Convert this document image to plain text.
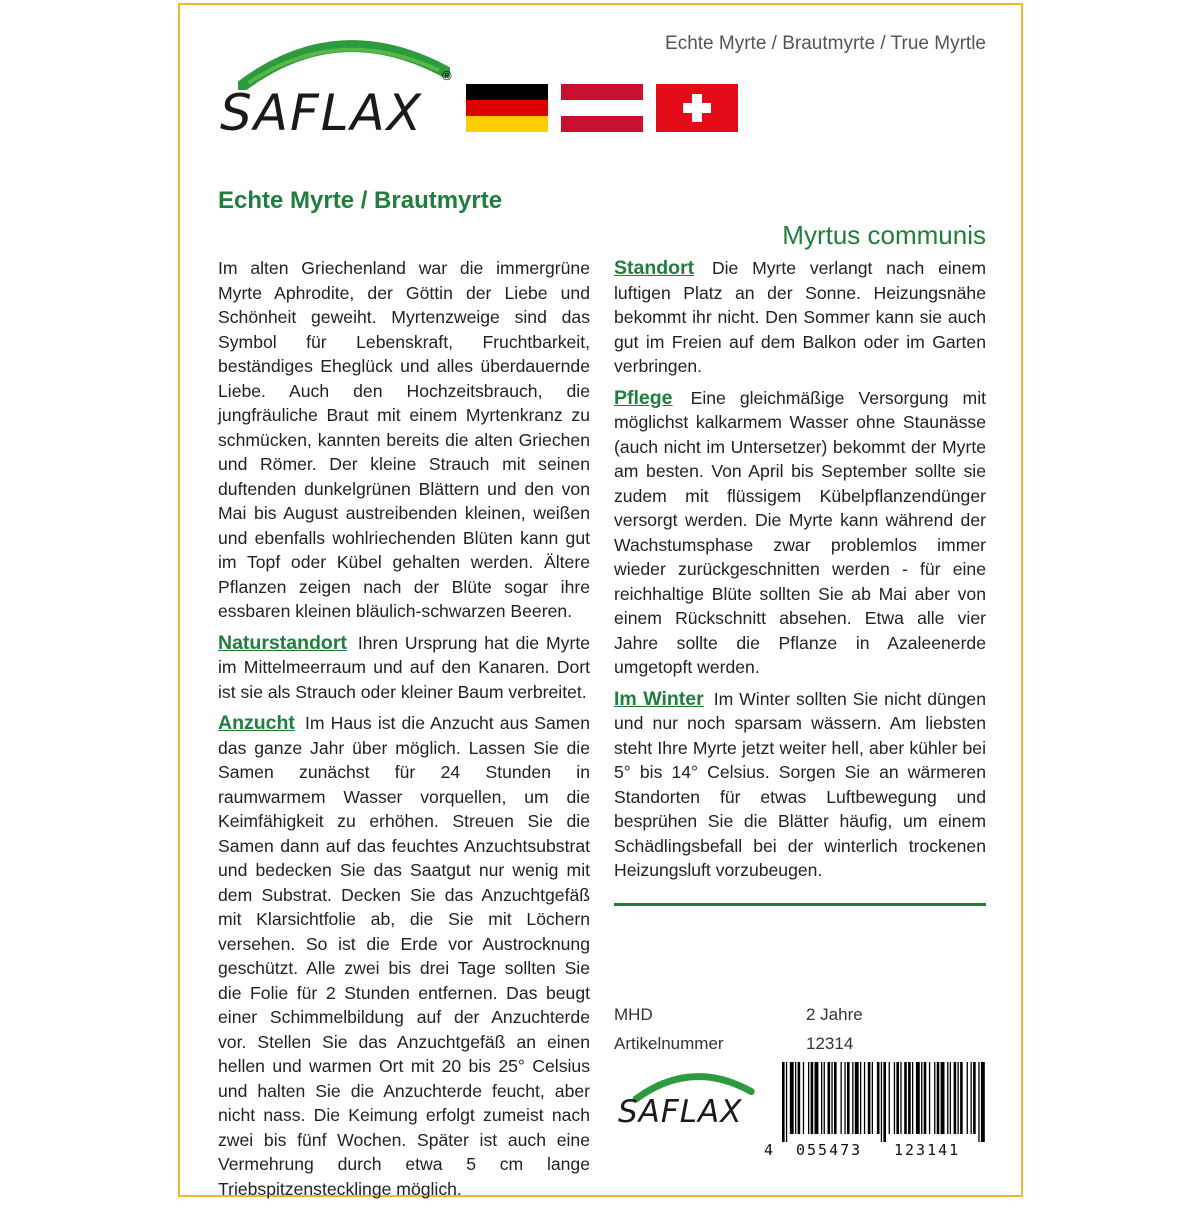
SAFLAX
®
Echte Myrte / Brautmyrte / True Myrtle
Echte Myrte / Brautmyrte
Myrtus communis

Im alten Griechenland war die immergrüne Myrte Aphrodite, der Göttin der Liebe und Schönheit geweiht. Myrtenzweige sind das Symbol für Lebenskraft, Fruchtbarkeit, beständiges Eheglück und alles überdauernde Liebe. Auch den Hochzeitsbrauch, die jungfräuliche Braut mit einem Myrtenkranz zu schmücken, kannten bereits die alten Griechen und Römer. Der kleine Strauch mit seinen duftenden dunkelgrünen Blättern und den von Mai bis August austreibenden kleinen, weißen und ebenfalls wohlriechenden Blüten kann gut im Topf oder Kübel gehalten werden. Ältere Pflanzen zeigen nach der Blüte sogar ihre essbaren kleinen bläulich-schwarzen Beeren.

Naturstandort Ihren Ursprung hat die Myrte im Mittelmeerraum und auf den Kanaren. Dort ist sie als Strauch oder kleiner Baum verbreitet.

Anzucht Im Haus ist die Anzucht aus Samen das ganze Jahr über möglich. Lassen Sie die Samen zunächst für 24 Stunden in raumwarmem Wasser vorquellen, um die Keimfähigkeit zu erhöhen. Streuen Sie die Samen dann auf das feuchtes Anzuchtsubstrat und bedecken Sie das Saatgut nur wenig mit dem Substrat. Decken Sie das Anzuchtgefäß mit Klarsichtfolie ab, die Sie mit Löchern versehen. So ist die Erde vor Austrocknung geschützt. Alle zwei bis drei Tage sollten Sie die Folie für 2 Stunden entfernen. Das beugt einer Schimmelbildung auf der Anzuchterde vor. Stellen Sie das Anzuchtgefäß an einen hellen und warmen Ort mit 20 bis 25° Celsius und halten Sie die Anzuchterde feucht, aber nicht nass. Die Keimung erfolgt zumeist nach zwei bis fünf Wochen. Später ist auch eine Vermehrung durch etwa 5 cm lange Triebspitzenstecklinge möglich.

Standort Die Myrte verlangt nach einem luftigen Platz an der Sonne. Heizungsnähe bekommt ihr nicht. Den Sommer kann sie auch gut im Freien auf dem Balkon oder im Garten verbringen.

Pflege Eine gleichmäßige Versorgung mit möglichst kalkarmem Wasser ohne Staunässe (auch nicht im Untersetzer) bekommt der Myrte am besten. Von April bis September sollte sie zudem mit flüssigem Kübelpflanzendünger versorgt werden. Die Myrte kann während der Wachstumsphase zwar problemlos immer wieder zurückgeschnitten werden - für eine reichhaltige Blüte sollten Sie ab Mai aber von einem Rückschnitt absehen. Etwa alle vier Jahre sollte die Pflanze in Azaleenerde umgetopft werden.

Im Winter Im Winter sollten Sie nicht düngen und nur noch sparsam wässern. Am liebsten steht Ihre Myrte jetzt weiter hell, aber kühler bei 5° bis 14° Celsius. Sorgen Sie an wärmeren Standorten für etwas Luftbewegung und besprühen Sie die Blätter häufig, um einem Schädlingsbefall bei der winterlich trockenen Heizungsluft vorzubeugen.

MHD	2 Jahre
Artikelnummer	12314
SAFLAX
4 055473 123141
